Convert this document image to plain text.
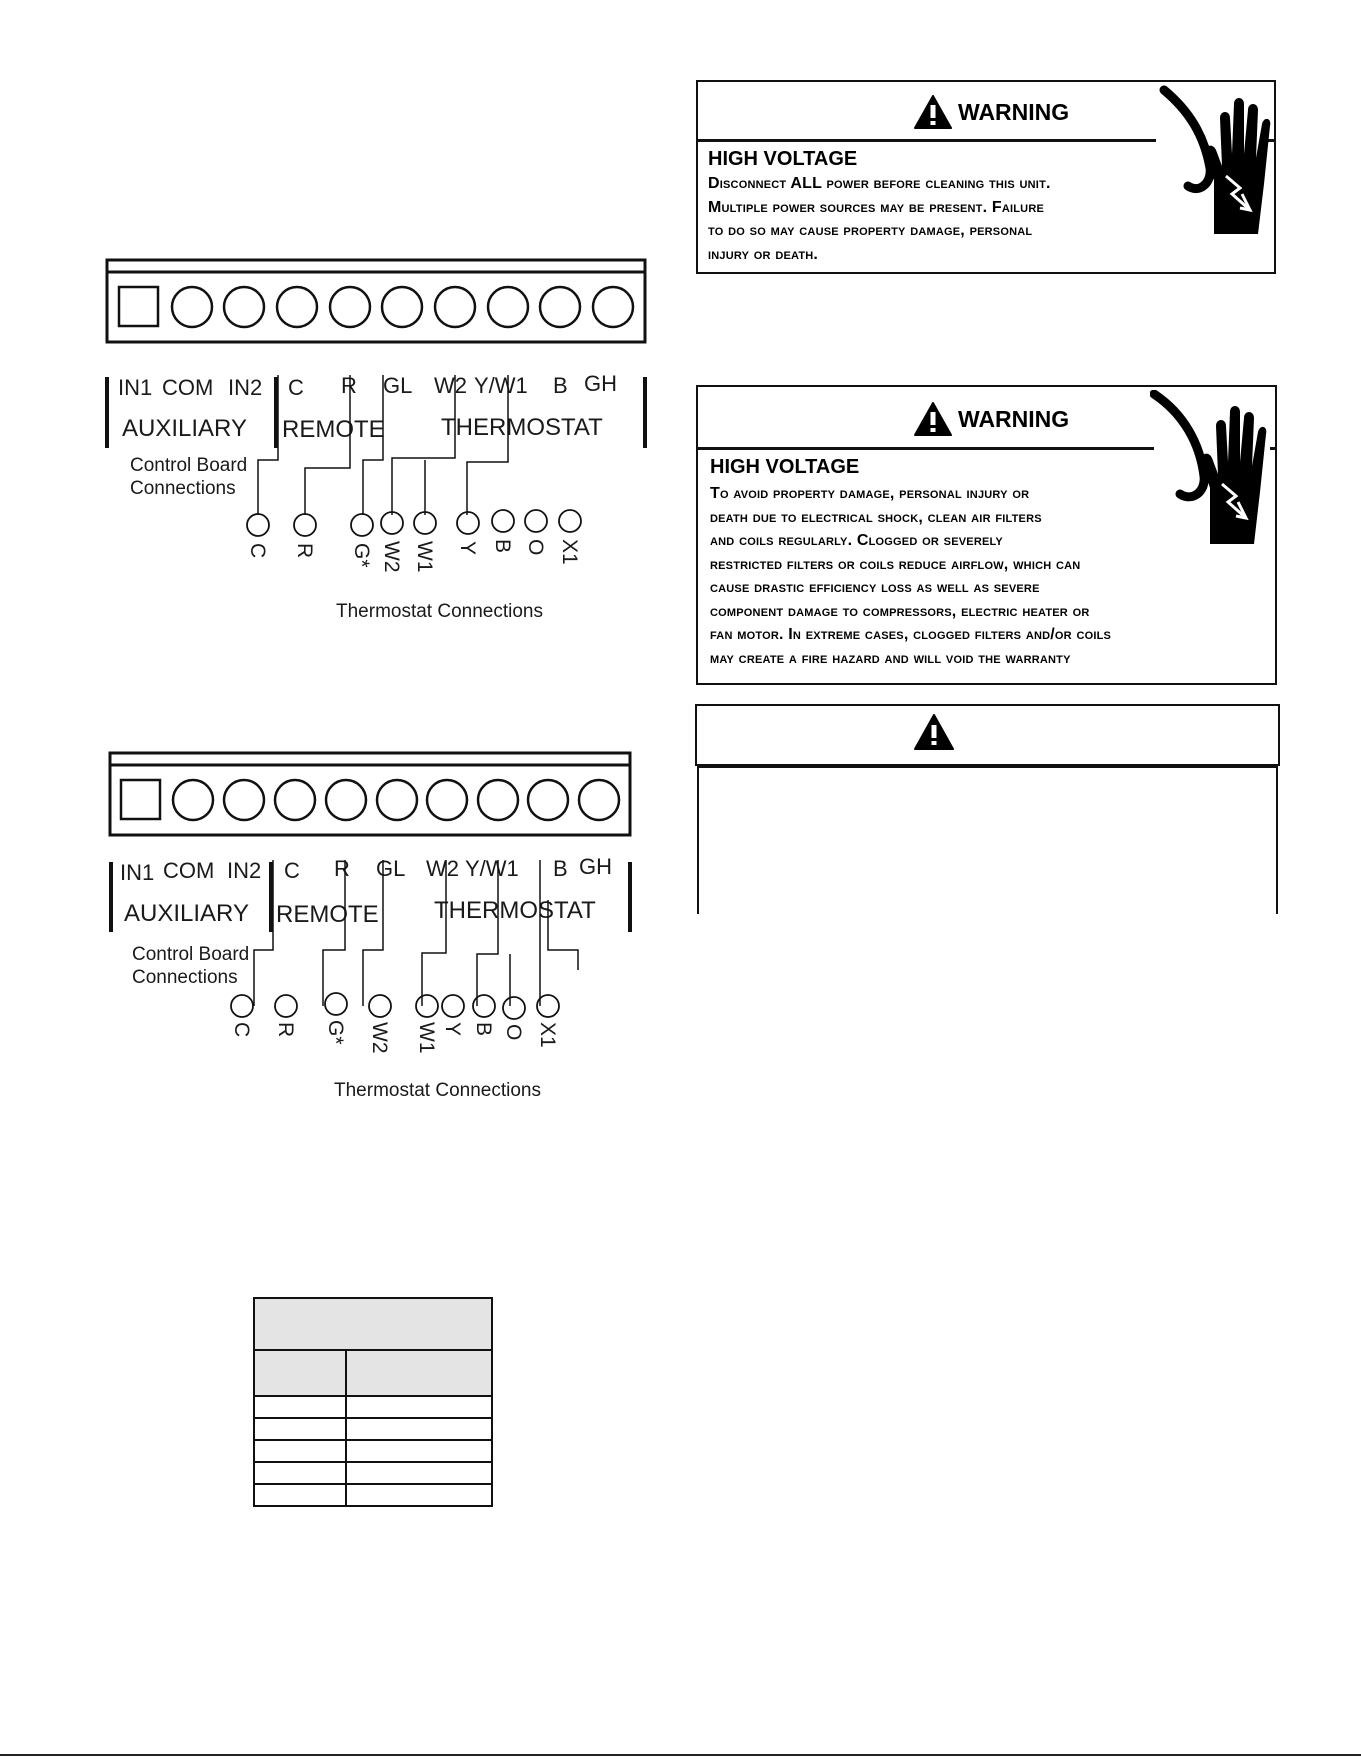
IN1 COM IN2 C R GL W2 Y/W1 B GH
AUXILIARY REMOTE THERMOSTAT
Control Board
Connections
C R G* W2 W1 Y B O X1
Thermostat Connections
IN1 COM IN2 C R GL W2 Y/W1 B GH
AUXILIARY REMOTE THERMOSTAT
Control Board
Connections
C R G* W2 W1 Y B O X1
Thermostat Connections
WARNING
HIGH VOLTAGE
Disconnect ALL power before cleaning this unit.
Multiple power sources may be present. Failure
to do so may cause property damage, personal
injury or death.
WARNING
HIGH VOLTAGE
To avoid property damage, personal injury or
death due to electrical shock, clean air filters
and coils regularly. Clogged or severely
restricted filters or coils reduce airflow, which can
cause drastic efficiency loss as well as severe
component damage to compressors, electric heater or
fan motor. In extreme cases, clogged filters and/or coils
may create a fire hazard and will void the warranty
